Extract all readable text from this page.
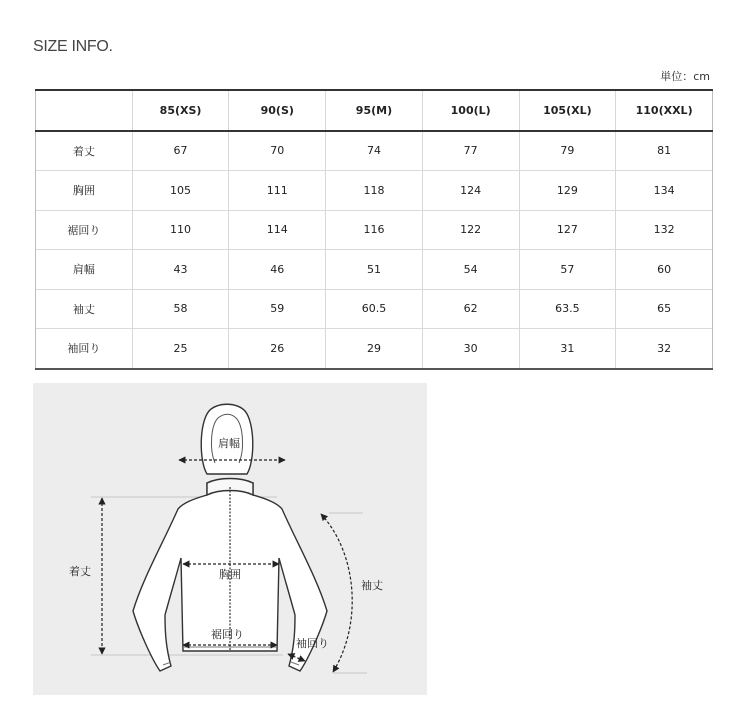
SIZE INFO.
単位：cm
	85(XS)	90(S)	95(M)	100(L)	105(XL)	110(XXL)
着丈	67	70	74	77	79	81
胸囲	105	111	118	124	129	134
裾回り	110	114	116	122	127	132
肩幅	43	46	51	54	57	60
袖丈	58	59	60.5	62	63.5	65
袖回り	25	26	29	30	31	32
肩幅
着丈	胸囲
裾回り
袖丈
袖回り
